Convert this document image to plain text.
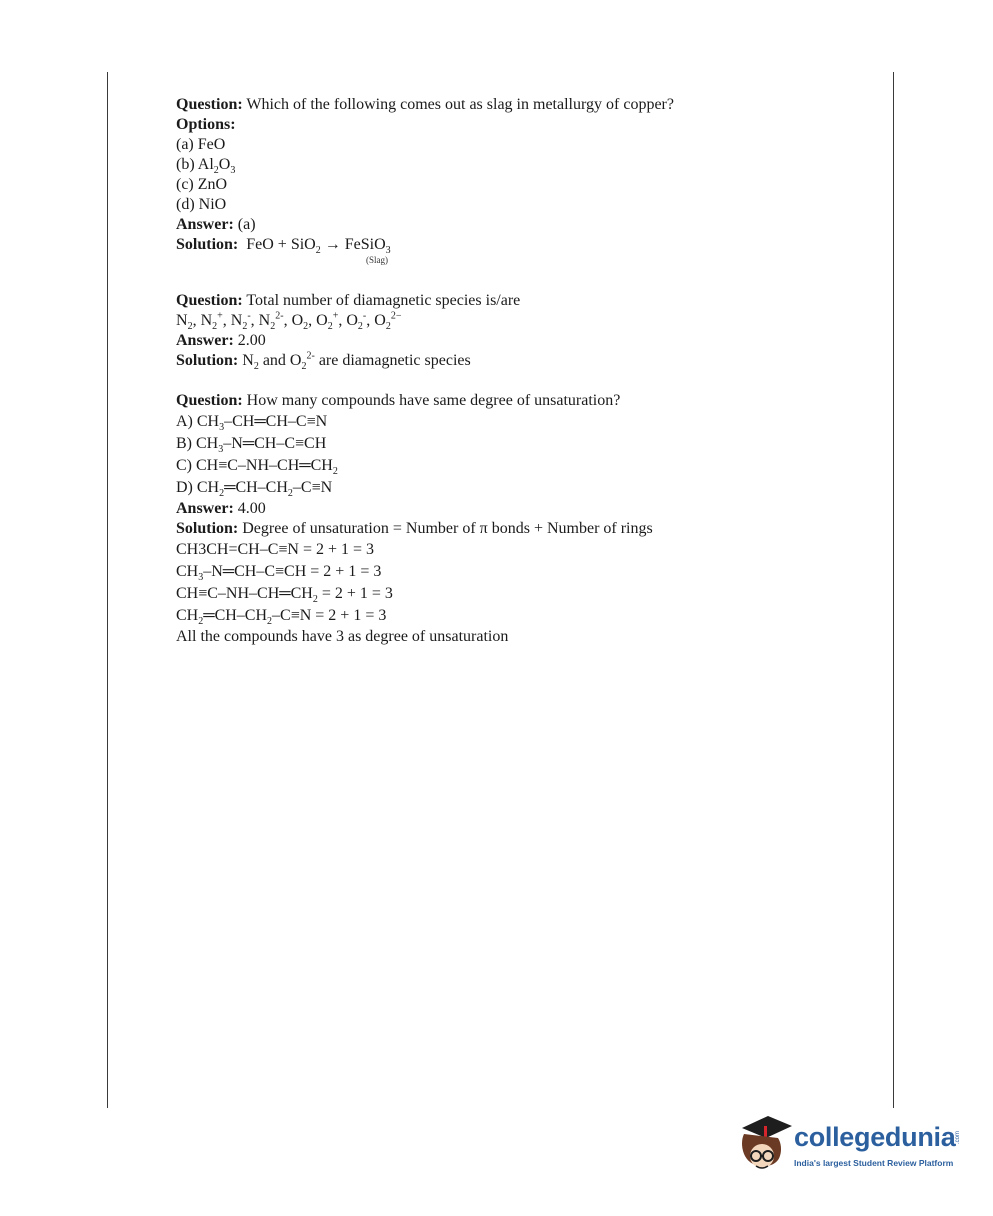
Question: Which of the following comes out as slag in metallurgy of copper?
Options:
(a) FeO
(b) $Al_2O_3$
(c) ZnO
(d) NiO
Answer: (a)
Solution: FeO + SiO$_2$ → FeSiO$_3$
(Slag)
Question: Total number of diamagnetic species is/are
$N_2$, $N_2^+$, $N_2^-$, $N_2^{2-}$, $O_2$, $O_2^+$, $O_2^-$, $O_2^{2-}$
Answer: 2.00
Solution: $N_2$ and $O_2^{2-}$ are diamagnetic species
Question: How many compounds have same degree of unsaturation?
A) $CH_3-CH═CH-C\equiv N$
B) $CH_3-N═CH-C\equiv CH$
C) $CH\equiv C-NH-CH═CH_2$
D) $CH_2═CH-CH_2-C\equiv N$
Answer: 4.00
Solution: Degree of unsaturation = Number of π bonds + Number of rings
CH3CH=CH–C≡N = 2 + 1 = 3
$CH_3-N═CH-C\equiv CH = 2 + 1 = 3$
$CH\equiv C-NH-CH═CH_2 = 2 + 1 = 3$
$CH_2═CH-CH_2-C\equiv N = 2 + 1 = 3$
All the compounds have 3 as degree of unsaturation
collegedunia .com
India's largest Student Review Platform
